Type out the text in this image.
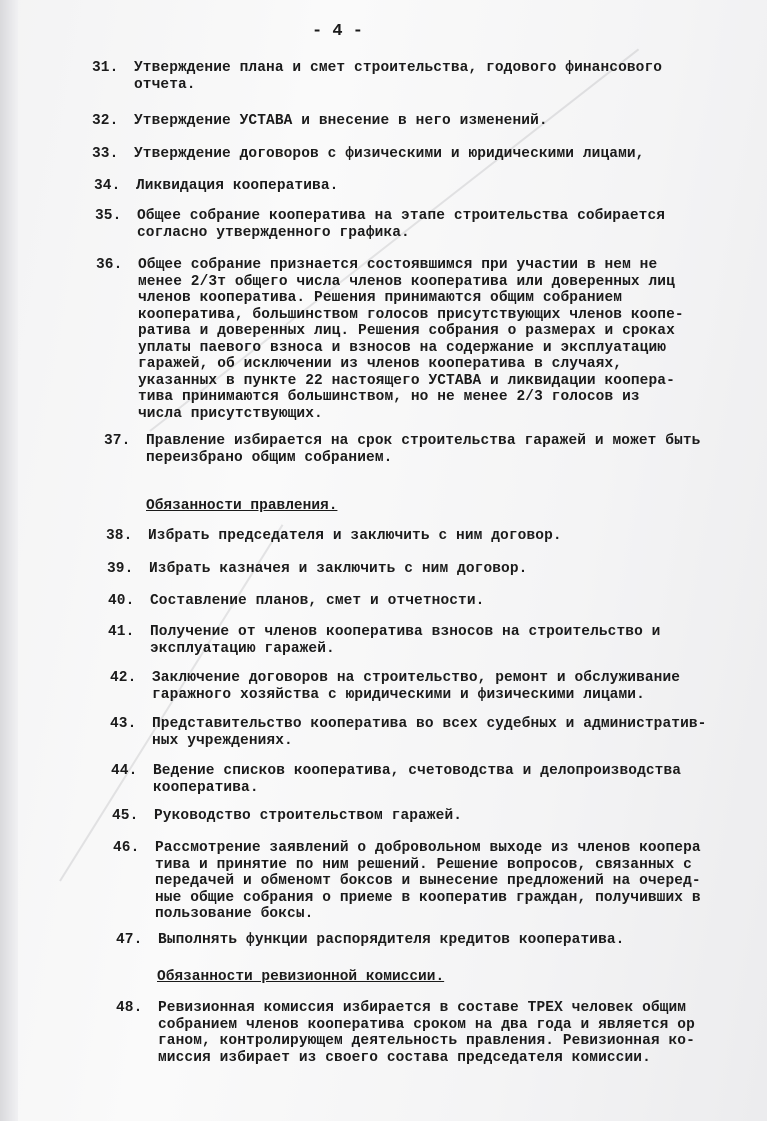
- 4 -
31. Утверждение плана и смет строительства, годового финансового
отчета.
32. Утверждение УСТАВА и внесение в него изменений.
33. Утверждение договоров с физическими и юридическими лицами,
34. Ликвидация кооператива.
35. Общее собрание кооператива на этапе строительства собирается
согласно утвержденного графика.
36. Общее собрание признается состоявшимся при участии в нем не
менее 2/3т общего числа членов кооператива или доверенных лиц
членов кооператива. Решения принимаются общим собранием
кооператива, большинством голосов присутствующих членов коопе-
ратива и доверенных лиц. Решения собрания о размерах и сроках
уплаты паевого взноса и взносов на содержание и эксплуатацию
гаражей, об исключении из членов кооператива в случаях,
указанных в пункте 22 настоящего УСТАВА и ликвидации коопера-
тива принимаются большинством, но не менее 2/3 голосов из
числа присутствующих.
37. Правление избирается на срок строительства гаражей и может быть
переизбрано общим собранием.
Обязанности правления.
38. Избрать председателя и заключить с ним договор.
39. Избрать казначея и заключить с ним договор.
40. Составление планов, смет и отчетности.
41. Получение от членов кооператива взносов на строительство и
эксплуатацию гаражей.
42. Заключение договоров на строительство, ремонт и обслуживание
гаражного хозяйства с юридическими и физическими лицами.
43. Представительство кооператива во всех судебных и административ-
ных учреждениях.
44. Ведение списков кооператива, счетоводства и делопроизводства
кооператива.
45. Руководство строительством гаражей.
46. Рассмотрение заявлений о добровольном выходе из членов коопера
тива и принятие по ним решений. Решение вопросов, связанных с
передачей и обменомт боксов и вынесение предложений на очеред-
ные общие собрания о приеме в кооператив граждан, получивших в
пользование боксы.
47. Выполнять функции распорядителя кредитов кооператива.
Обязанности ревизионной комиссии.
48. Ревизионная комиссия избирается в составе ТРЕХ человек общим
собранием членов кооператива сроком на два года и является ор
ганом, контролирующем деятельность правления. Ревизионная ко-
миссия избирает из своего состава председателя комиссии.
